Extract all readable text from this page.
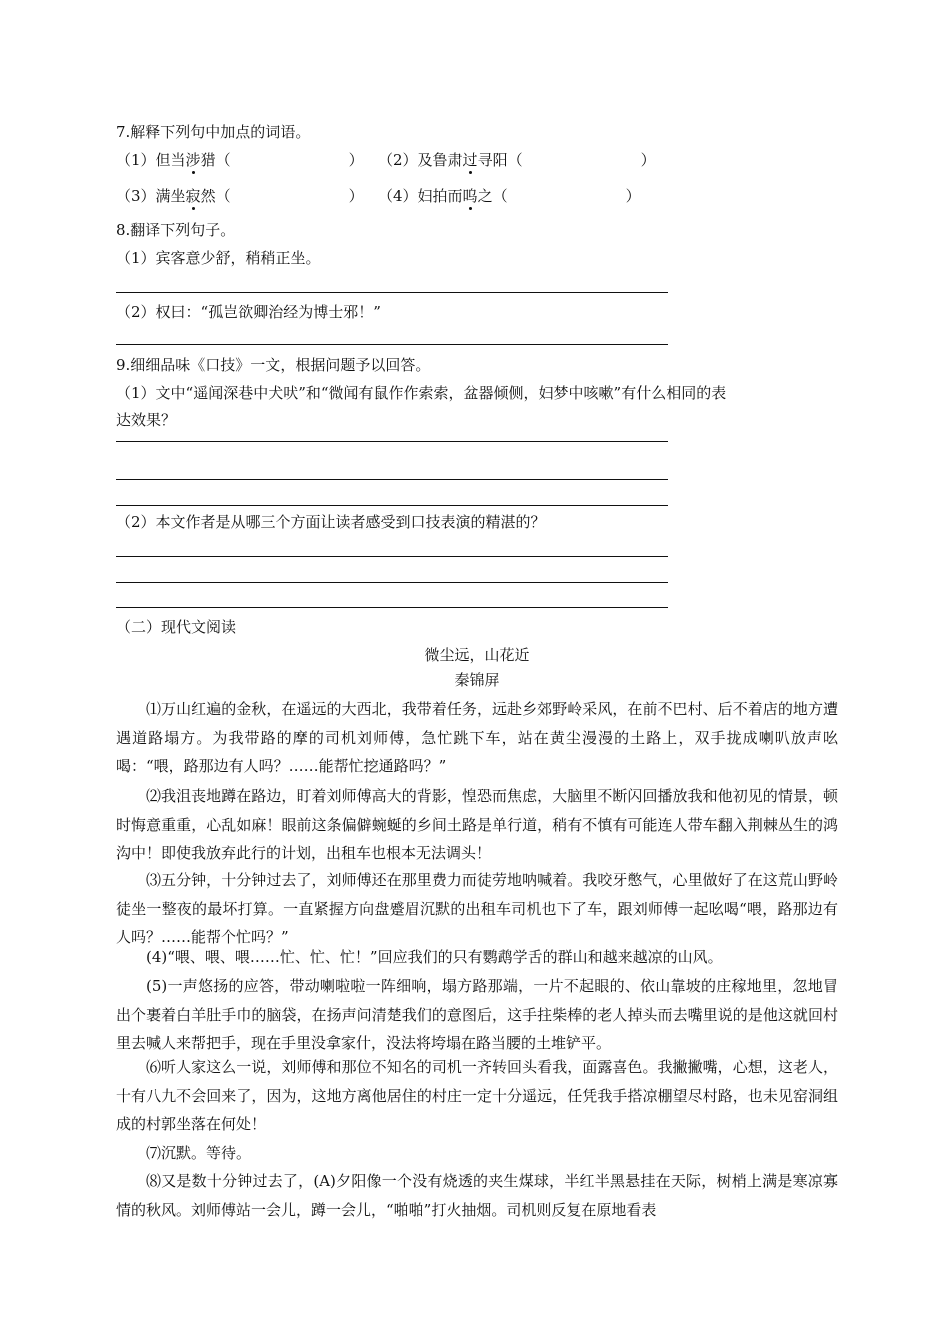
7.解释下列句中加点的词语。
（1）但当涉猎（	） （2）及鲁肃过寻阳（	）
（3）满坐寂然（	） （4）妇拍而呜之（	）
8.翻译下列句子。
（1）宾客意少舒，稍稍正坐。
（2）权曰：“孤岂欲卿治经为博士邪！”
9.细细品味《口技》一文，根据问题予以回答。
（1）文中“遥闻深巷中犬吠”和“微闻有鼠作作索索，盆器倾侧，妇梦中咳嗽”有什么相同的表
达效果？
（2）本文作者是从哪三个方面让读者感受到口技表演的精湛的？
（二）现代文阅读
微尘远，山花近
秦锦屏
⑴万山红遍的金秋，在遥远的大西北，我带着任务，远赴乡郊野岭采风，在前不巴村、后不着店的地方遭遇道路塌方。为我带路的摩的司机刘师傅，急忙跳下车，站在黄尘漫漫的土路上，双手拢成喇叭放声吆喝：“喂，路那边有人吗？……能帮忙挖通路吗？”
⑵我沮丧地蹲在路边，盯着刘师傅高大的背影，惶恐而焦虑，大脑里不断闪回播放我和他初见的情景，顿时悔意重重，心乱如麻！眼前这条偏僻蜿蜒的乡间土路是单行道，稍有不慎有可能连人带车翻入荆棘丛生的鸿沟中！即使我放弃此行的计划，出租车也根本无法调头！
⑶五分钟，十分钟过去了，刘师傅还在那里费力而徒劳地呐喊着。我咬牙憋气，心里做好了在这荒山野岭徒坐一整夜的最坏打算。一直紧握方向盘蹙眉沉默的出租车司机也下了车，跟刘师傅一起吆喝“喂，路那边有人吗？……能帮个忙吗？”
(4)“喂、喂、喂……忙、忙、忙！”回应我们的只有鹦鹉学舌的群山和越来越凉的山风。
(5)一声悠扬的应答，带动喇啦啦一阵细响，塌方路那端，一片不起眼的、依山靠坡的庄稼地里，忽地冒出个裹着白羊肚手巾的脑袋，在扬声问清楚我们的意图后，这手拄柴棒的老人掉头而去嘴里说的是他这就回村里去喊人来帮把手，现在手里没拿家什，没法将垮塌在路当腰的土堆铲平。
⑹听人家这么一说，刘师傅和那位不知名的司机一齐转回头看我，面露喜色。我撇撇嘴，心想，这老人，十有八九不会回来了，因为，这地方离他居住的村庄一定十分遥远，任凭我手搭凉棚望尽村路，也未见窑洞组成的村郭坐落在何处！
⑺沉默。等待。
⑻又是数十分钟过去了，(A)夕阳像一个没有烧透的夹生煤球，半红半黑悬挂在天际，树梢上满是寒凉寡情的秋风。刘师傅站一会儿，蹲一会儿，“啪啪”打火抽烟。司机则反复在原地看表
